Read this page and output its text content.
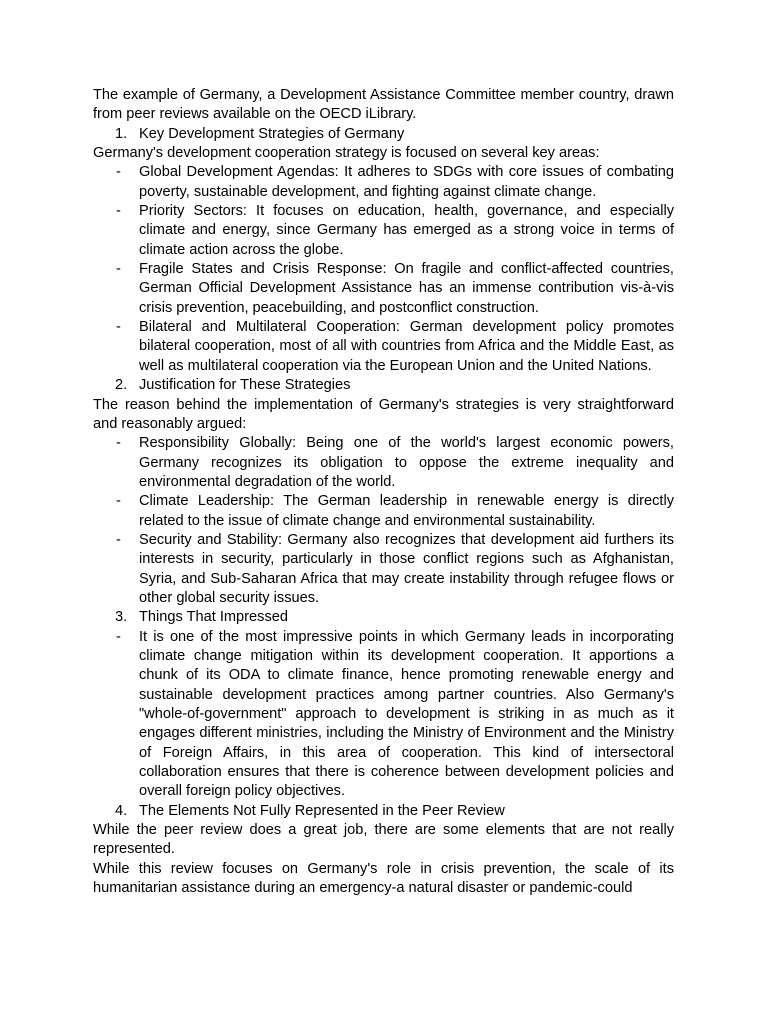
The example of Germany, a Development Assistance Committee member country, drawn from peer reviews available on the OECD iLibrary.

1. Key Development Strategies of Germany

Germany's development cooperation strategy is focused on several key areas:

- Global Development Agendas: It adheres to SDGs with core issues of combating poverty, sustainable development, and fighting against climate change.
- Priority Sectors: It focuses on education, health, governance, and especially climate and energy, since Germany has emerged as a strong voice in terms of climate action across the globe.
- Fragile States and Crisis Response: On fragile and conflict-affected countries, German Official Development Assistance has an immense contribution vis-à-vis crisis prevention, peacebuilding, and postconflict construction.
- Bilateral and Multilateral Cooperation: German development policy promotes bilateral cooperation, most of all with countries from Africa and the Middle East, as well as multilateral cooperation via the European Union and the United Nations.
2. Justification for These Strategies

The reason behind the implementation of Germany's strategies is very straightforward and reasonably argued:

- Responsibility Globally: Being one of the world's largest economic powers, Germany recognizes its obligation to oppose the extreme inequality and environmental degradation of the world.
- Climate Leadership: The German leadership in renewable energy is directly related to the issue of climate change and environmental sustainability.
- Security and Stability: Germany also recognizes that development aid furthers its interests in security, particularly in those conflict regions such as Afghanistan, Syria, and Sub-Saharan Africa that may create instability through refugee flows or other global security issues.
3. Things That Impressed
- It is one of the most impressive points in which Germany leads in incorporating climate change mitigation within its development cooperation. It apportions a chunk of its ODA to climate finance, hence promoting renewable energy and sustainable development practices among partner countries. Also Germany's "whole-of-government" approach to development is striking in as much as it engages different ministries, including the Ministry of Environment and the Ministry of Foreign Affairs, in this area of cooperation. This kind of intersectoral collaboration ensures that there is coherence between development policies and overall foreign policy objectives.
4. The Elements Not Fully Represented in the Peer Review

While the peer review does a great job, there are some elements that are not really represented.

While this review focuses on Germany's role in crisis prevention, the scale of its humanitarian assistance during an emergency-a natural disaster or pandemic-could
